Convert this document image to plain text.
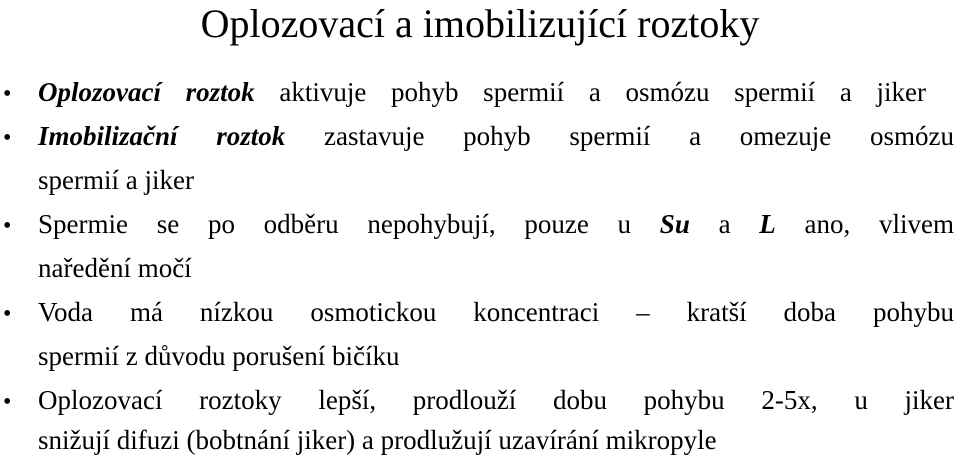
Oplozovací a imobilizující roztoky
• Oplozovací roztok aktivuje pohyb spermií a osmózu spermií a jiker
• Imobilizační roztok zastavuje pohyb spermií a omezuje osmózu
spermií a jiker
• Spermie se po odběru nepohybují, pouze u Su a L ano, vlivem
naředění močí
• Voda má nízkou osmotickou koncentraci – kratší doba pohybu
spermií z důvodu porušení bičíku
• Oplozovací roztoky lepší, prodlouží dobu pohybu 2-5x, u jiker
snižují difuzi (bobtnání jiker) a prodlužují uzavírání mikropyle
